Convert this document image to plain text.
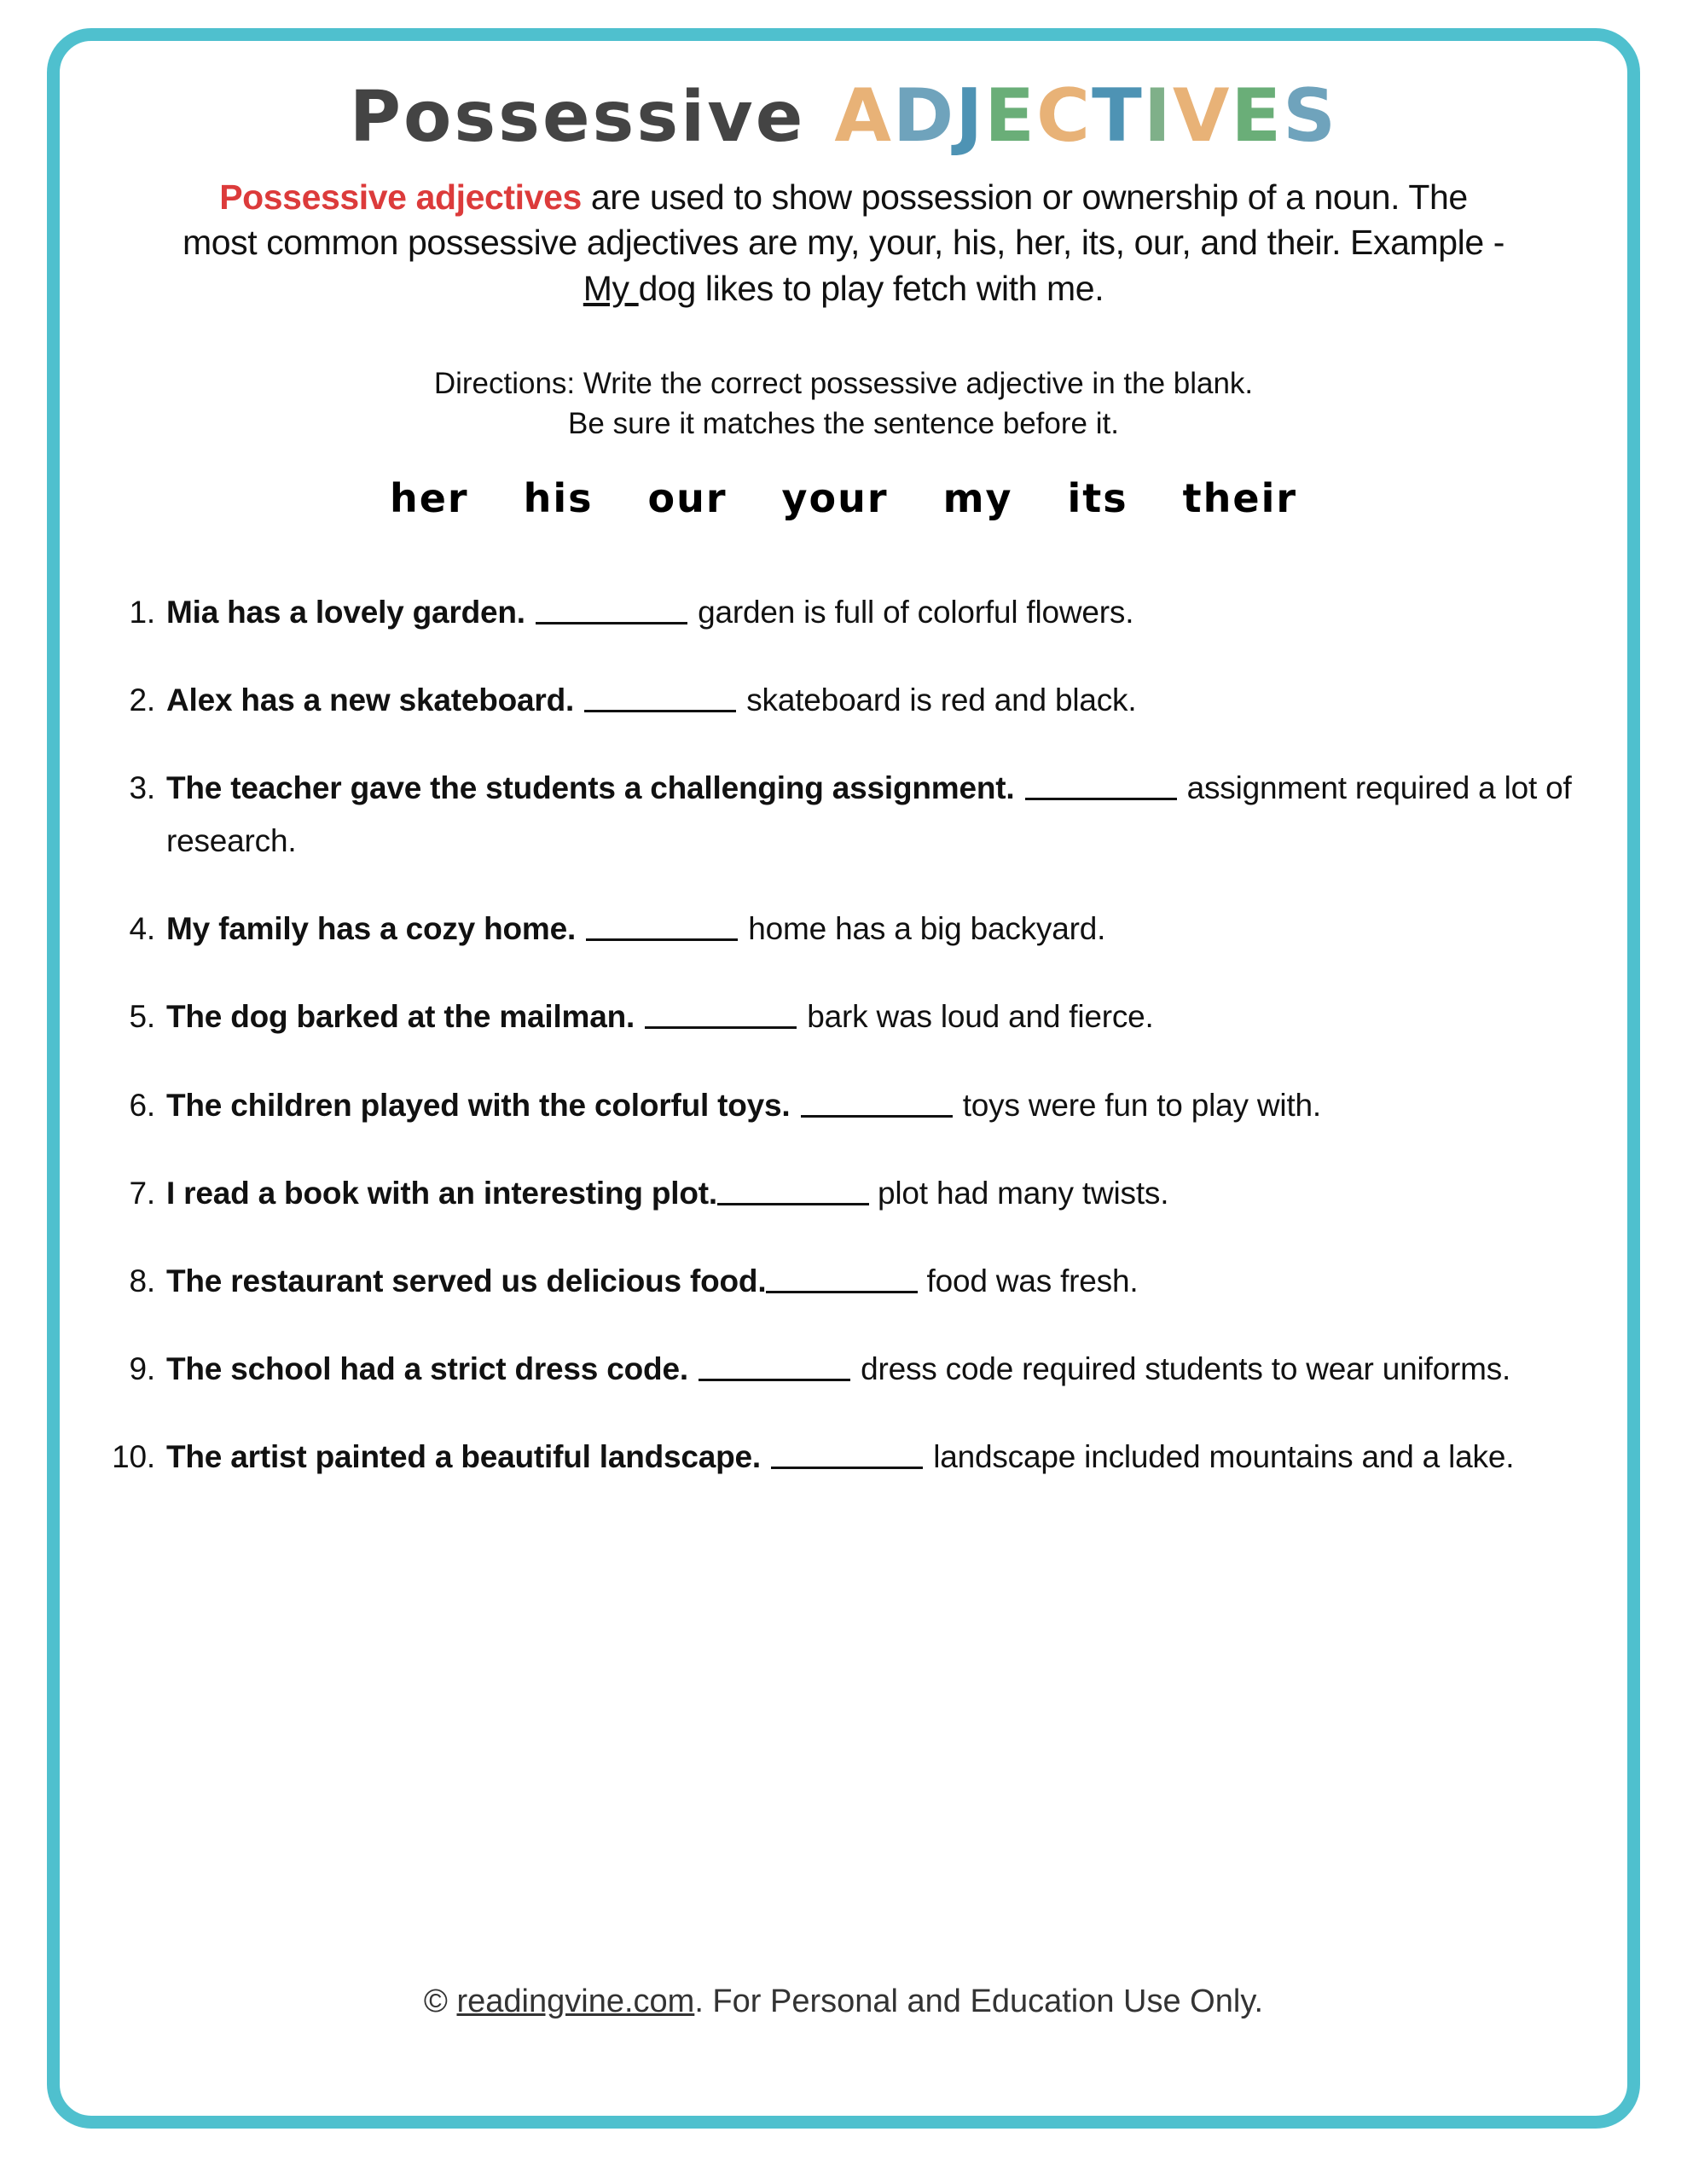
Possessive ADJECTIVES

Possessive adjectives are used to show possession or ownership of a noun. The most common possessive adjectives are my, your, his, her, its, our, and their. Example - My dog likes to play fetch with me.

Directions: Write the correct possessive adjective in the blank.
Be sure it matches the sentence before it.
her his our your my its their
1. Mia has a lovely garden.	garden is full of colorful flowers.
2. Alex has a new skateboard.	skateboard is red and black.
3. The teacher gave the students a challenging assignment.	assignment required a lot of research.
4. My family has a cozy home.	home has a big backyard.
5. The dog barked at the mailman.	bark was loud and fierce.
6. The children played with the colorful toys.	toys were fun to play with.
7. I read a book with an interesting plot.	plot had many twists.
8. The restaurant served us delicious food.	food was fresh.
9. The school had a strict dress code.	dress code required students to wear uniforms.
10. The artist painted a beautiful landscape.	landscape included mountains and a lake.
© readingvine.com. For Personal and Education Use Only.
